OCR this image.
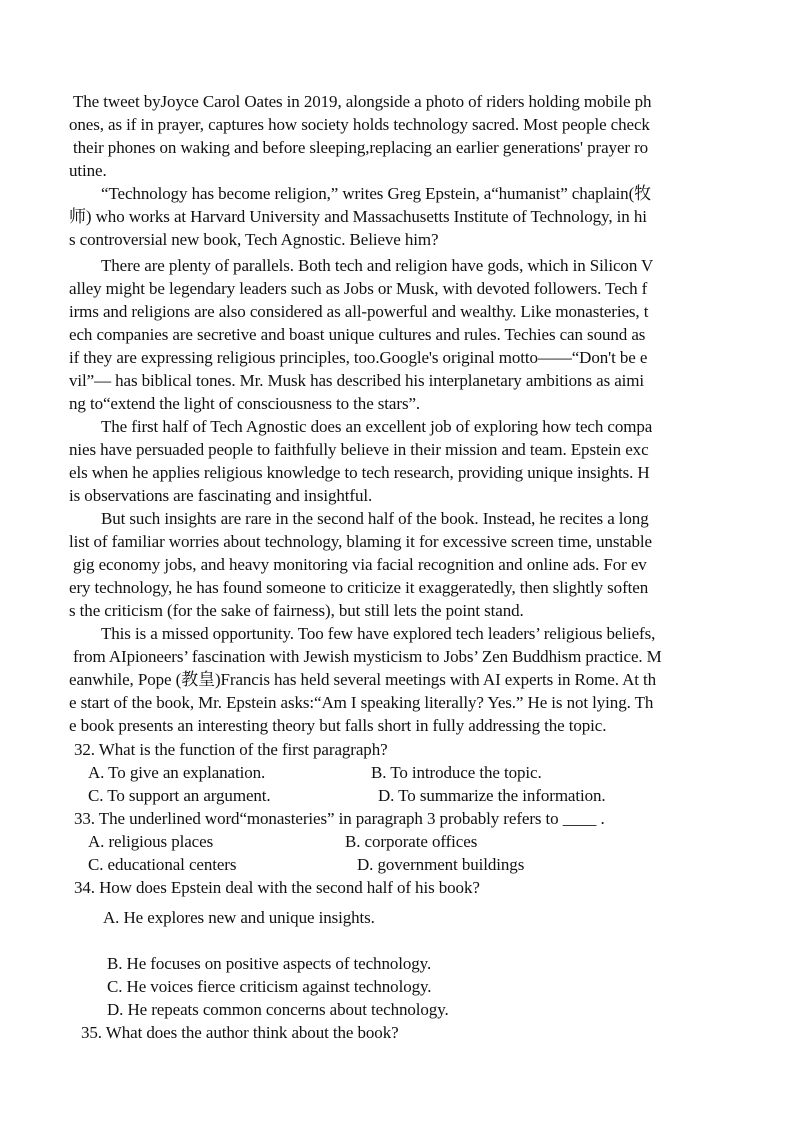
The tweet byJoyce Carol Oates in 2019, alongside a photo of riders holding mobile ph
ones, as if in prayer, captures how society holds technology sacred. Most people check
their phones on waking and before sleeping,replacing an earlier generations' prayer ro
utine.
“Technology has become religion,” writes Greg Epstein, a“humanist” chaplain(牧
师) who works at Harvard University and Massachusetts Institute of Technology, in hi
s controversial new book, Tech Agnostic. Believe him?
There are plenty of parallels. Both tech and religion have gods, which in Silicon V
alley might be legendary leaders such as Jobs or Musk, with devoted followers. Tech f
irms and religions are also considered as all-powerful and wealthy. Like monasteries, t
ech companies are secretive and boast unique cultures and rules. Techies can sound as
if they are expressing religious principles, too.Google's original motto——“Don't be e
vil”— has biblical tones. Mr. Musk has described his interplanetary ambitions as aimi
ng to“extend the light of consciousness to the stars”.
The first half of Tech Agnostic does an excellent job of exploring how tech compa
nies have persuaded people to faithfully believe in their mission and team. Epstein exc
els when he applies religious knowledge to tech research, providing unique insights. H
is observations are fascinating and insightful.
But such insights are rare in the second half of the book. Instead, he recites a long
list of familiar worries about technology, blaming it for excessive screen time, unstable
gig economy jobs, and heavy monitoring via facial recognition and online ads. For ev
ery technology, he has found someone to criticize it exaggeratedly, then slightly soften
s the criticism (for the sake of fairness), but still lets the point stand.
This is a missed opportunity. Too few have explored tech leaders’ religious beliefs,
from AIpioneers’ fascination with Jewish mysticism to Jobs’ Zen Buddhism practice. M
eanwhile, Pope (教皇)Francis has held several meetings with AI experts in Rome. At th
e start of the book, Mr. Epstein asks:“Am I speaking literally? Yes.” He is not lying. Th
e book presents an interesting theory but falls short in fully addressing the topic.
32. What is the function of the first paragraph?
A. To give an explanation.	B. To introduce the topic.
C. To support an argument.	D. To summarize the information.
33. The underlined word“monasteries” in paragraph 3 probably refers to ____ .
A. religious places	B. corporate offices
C. educational centers	D. government buildings
34. How does Epstein deal with the second half of his book?
A. He explores new and unique insights.
B. He focuses on positive aspects of technology.
C. He voices fierce criticism against technology.
D. He repeats common concerns about technology.
35. What does the author think about the book?
